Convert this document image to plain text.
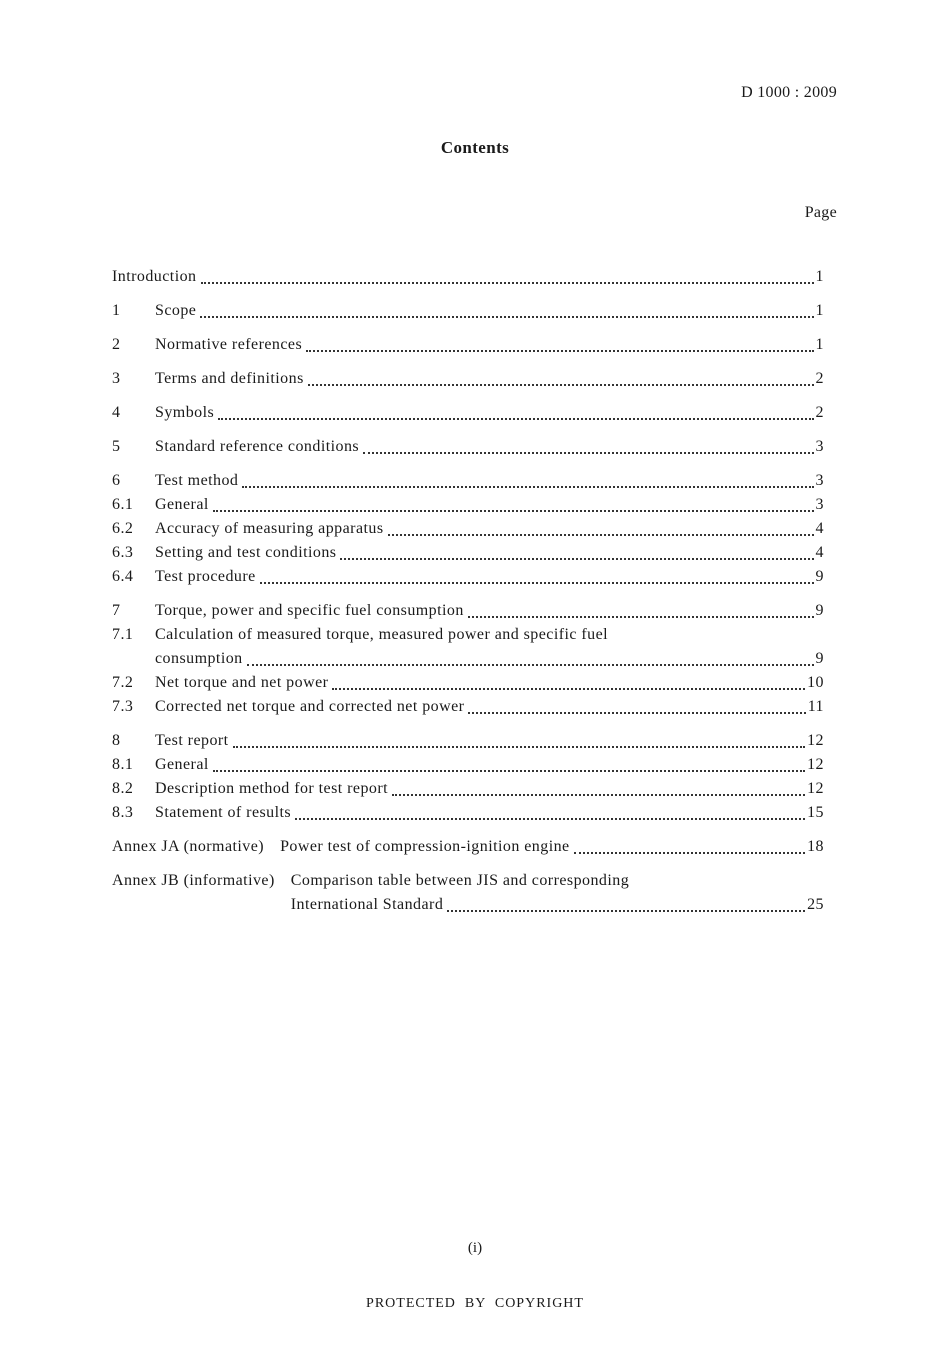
D 1000 : 2009
Contents
Page
Introduction	1
1	Scope	1
2	Normative references	1
3	Terms and definitions	2
4	Symbols	2
5	Standard reference conditions	3
6	Test method	3
6.1	General	3
6.2	Accuracy of measuring apparatus	4
6.3	Setting and test conditions	4
6.4	Test procedure	9
7	Torque, power and specific fuel consumption	9
7.1	Calculation of measured torque, measured power and specific fuel
consumption	9
7.2	Net torque and net power	10
7.3	Corrected net torque and corrected net power	11
8	Test report	12
8.1	General	12
8.2	Description method for test report	12
8.3	Statement of results	15
Annex JA (normative)	Power test of compression-ignition engine	18
Annex JB (informative)	Comparison table between JIS and corresponding
International Standard	25
(i)
PROTECTED  BY  COPYRIGHT
